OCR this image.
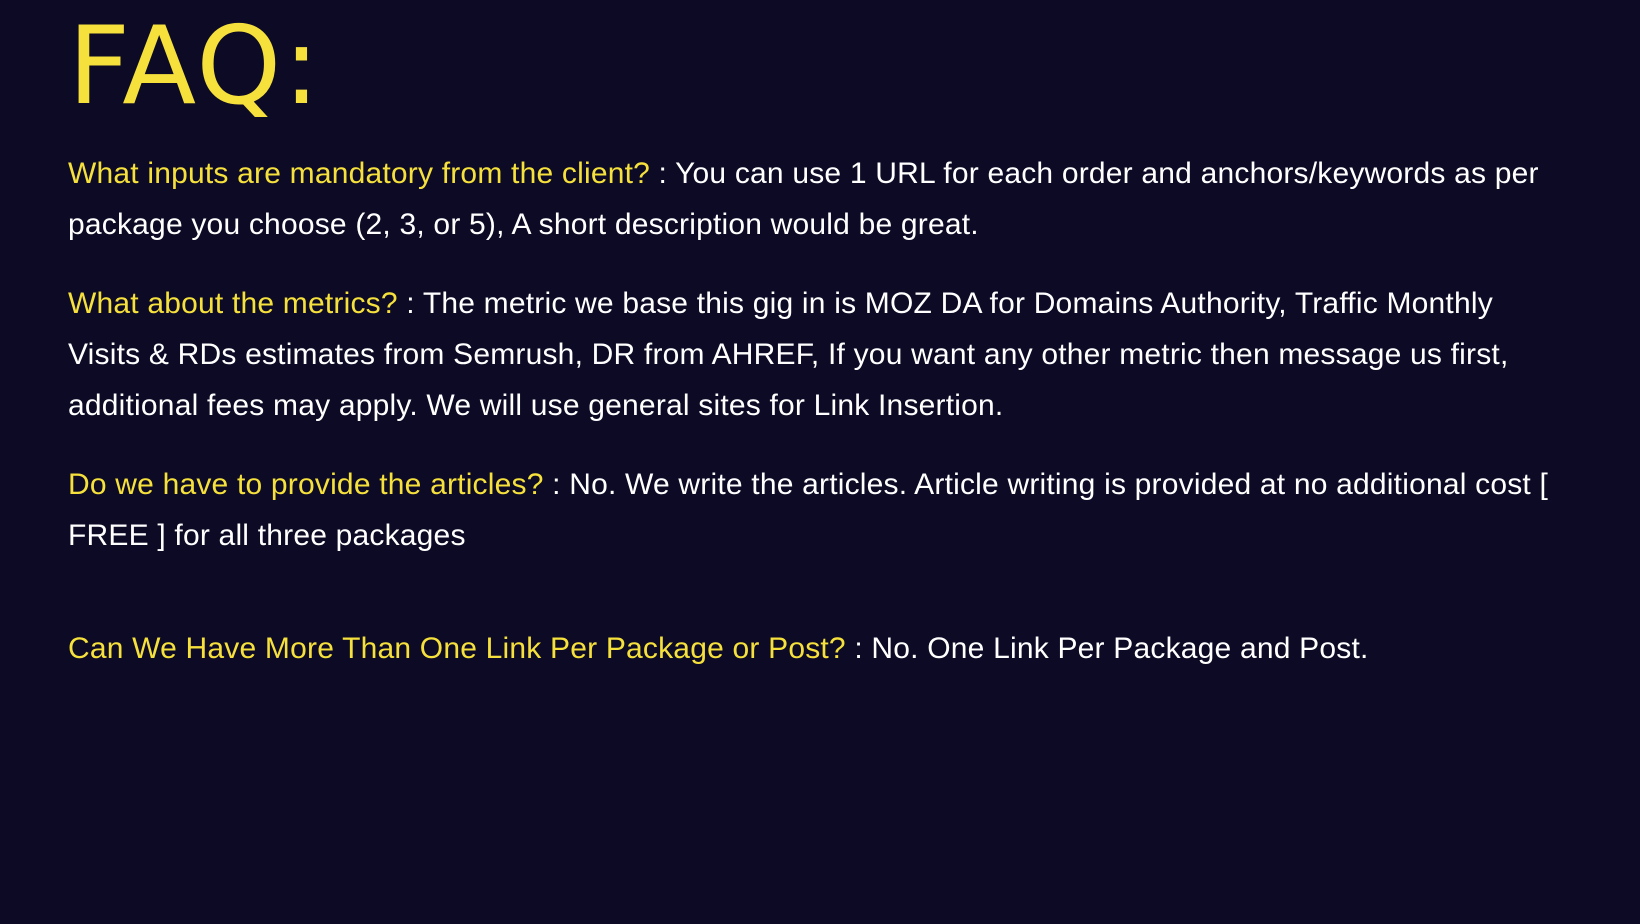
FAQ:
What inputs are mandatory from the client? : You can use 1 URL for each order and anchors/keywords as per package you choose (2, 3, or 5), A short description would be great.
What about the metrics? : The metric we base this gig in is MOZ DA for Domains Authority, Traffic Monthly Visits & RDs estimates from Semrush, DR from AHREF, If you want any other metric then message us first, additional fees may apply. We will use general sites for Link Insertion.
Do we have to provide the articles? : No. We write the articles. Article writing is provided at no additional cost [ FREE ] for all three packages
Can We Have More Than One Link Per Package or Post? : No. One Link Per Package and Post.
